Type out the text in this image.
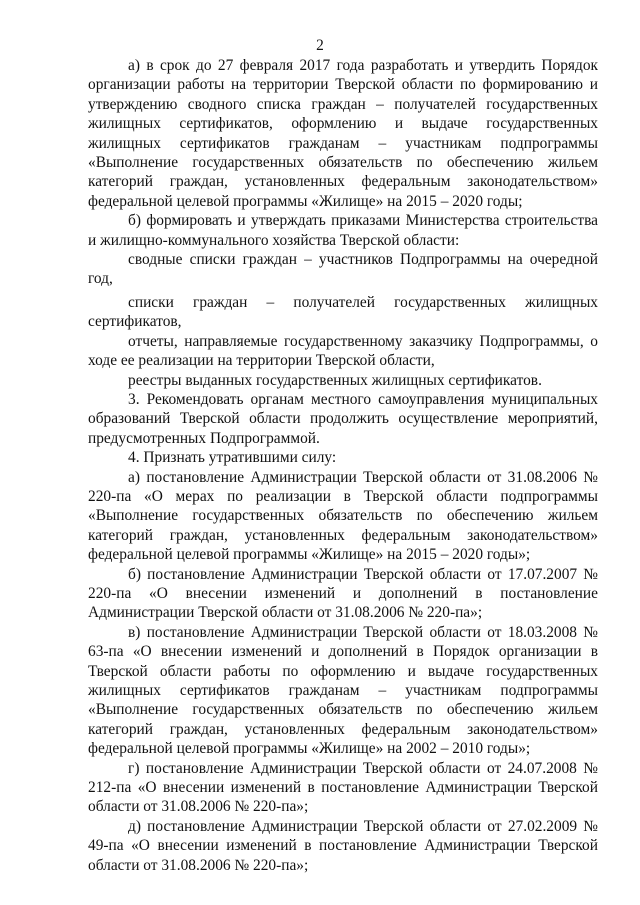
2

а) в срок до 27 февраля 2017 года разработать и утвердить Порядок организации работы на территории Тверской области по формированию и утверждению сводного списка граждан – получателей государственных жилищных сертификатов, оформлению и выдаче государственных жилищных сертификатов гражданам – участникам подпрограммы «Выполнение государственных обязательств по обеспечению жильем категорий граждан, установленных федеральным законодательством» федеральной целевой программы «Жилище» на 2015 – 2020 годы;

б) формировать и утверждать приказами Министерства строительства и жилищно-коммунального хозяйства Тверской области:

сводные списки граждан – участников Подпрограммы на очередной год,

списки граждан – получателей государственных жилищных сертификатов,

отчеты, направляемые государственному заказчику Подпрограммы, о ходе ее реализации на территории Тверской области,

реестры выданных государственных жилищных сертификатов.

3. Рекомендовать органам местного самоуправления муниципальных образований Тверской области продолжить осуществление мероприятий, предусмотренных Подпрограммой.

4. Признать утратившими силу:

а) постановление Администрации Тверской области от 31.08.2006 № 220-па «О мерах по реализации в Тверской области подпрограммы «Выполнение государственных обязательств по обеспечению жильем категорий граждан, установленных федеральным законодательством» федеральной целевой программы «Жилище» на 2015 – 2020 годы»;

б) постановление Администрации Тверской области от 17.07.2007 № 220-па «О внесении изменений и дополнений в постановление Администрации Тверской области от 31.08.2006 № 220-па»;

в) постановление Администрации Тверской области от 18.03.2008 № 63-па «О внесении изменений и дополнений в Порядок организации в Тверской области работы по оформлению и выдаче государственных жилищных сертификатов гражданам – участникам подпрограммы «Выполнение государственных обязательств по обеспечению жильем категорий граждан, установленных федеральным законодательством» федеральной целевой программы «Жилище» на 2002 – 2010 годы»;

г) постановление Администрации Тверской области от 24.07.2008 № 212-па «О внесении изменений в постановление Администрации Тверской области от 31.08.2006 № 220-па»;

д) постановление Администрации Тверской области от 27.02.2009 № 49-па «О внесении изменений в постановление Администрации Тверской области от 31.08.2006 № 220-па»;
